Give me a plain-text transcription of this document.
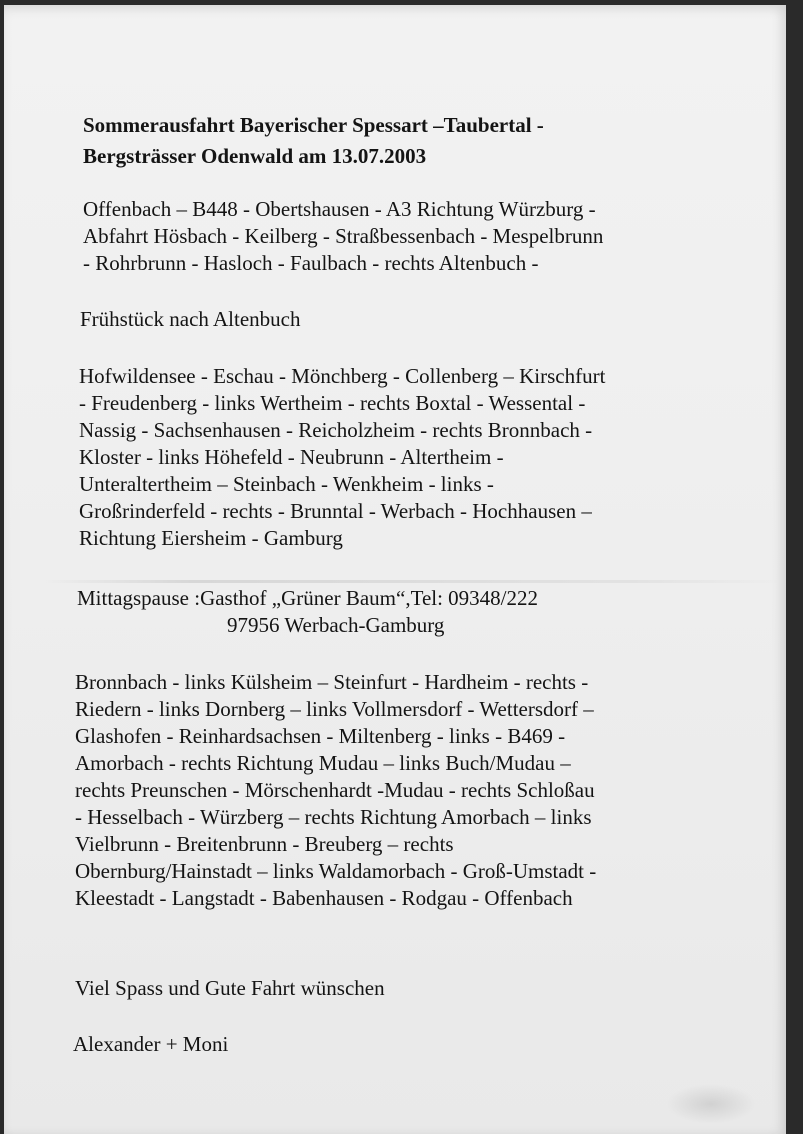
Sommerausfahrt Bayerischer Spessart –Taubertal -
Bergsträsser Odenwald am 13.07.2003
Offenbach – B448 - Obertshausen - A3 Richtung Würzburg -
Abfahrt Hösbach - Keilberg - Straßbessenbach - Mespelbrunn
- Rohrbrunn - Hasloch - Faulbach - rechts Altenbuch -
Frühstück nach Altenbuch
Hofwildensee - Eschau - Mönchberg - Collenberg – Kirschfurt
- Freudenberg - links Wertheim - rechts Boxtal - Wessental -
Nassig - Sachsenhausen - Reicholzheim - rechts Bronnbach -
Kloster - links Höhefeld - Neubrunn - Altertheim -
Unteraltertheim – Steinbach - Wenkheim - links -
Großrinderfeld - rechts - Brunntal - Werbach - Hochhausen –
Richtung Eiersheim - Gamburg
Mittagspause :Gasthof „Grüner Baum“,Tel: 09348/222
97956 Werbach-Gamburg
Bronnbach - links Külsheim – Steinfurt - Hardheim - rechts -
Riedern - links Dornberg – links Vollmersdorf - Wettersdorf –
Glashofen - Reinhardsachsen - Miltenberg - links - B469 -
Amorbach - rechts Richtung Mudau – links Buch/Mudau –
rechts Preunschen - Mörschenhardt -Mudau - rechts Schloßau
- Hesselbach - Würzberg – rechts Richtung Amorbach – links
Vielbrunn - Breitenbrunn - Breuberg – rechts
Obernburg/Hainstadt – links Waldamorbach - Groß-Umstadt -
Kleestadt - Langstadt - Babenhausen - Rodgau - Offenbach
Viel Spass und Gute Fahrt wünschen
Alexander + Moni
